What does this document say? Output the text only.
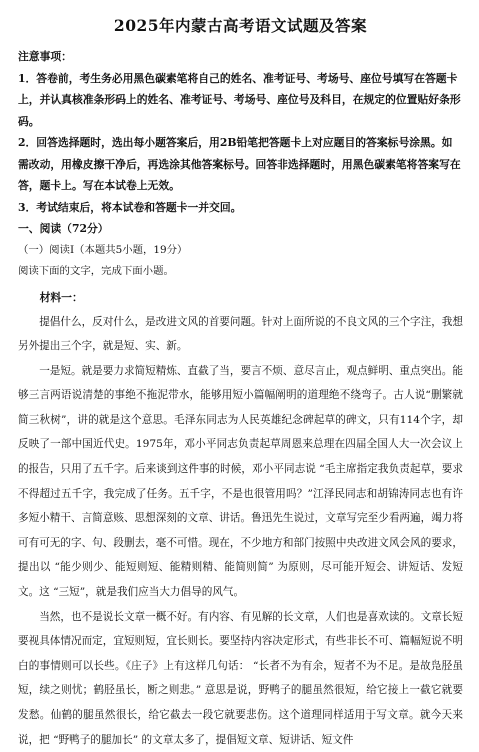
2025年内蒙古高考语文试题及答案
注意事项：
1．答卷前，考生务必用黑色碳素笔将自己的姓名、准考证号、考场号、座位号填写在答题卡上，并认真核准条形码上的姓名、准考证号、考场号、座位号及科目，在规定的位置贴好条形码。
2．回答选择题时，选出每小题答案后，用2B铅笔把答题卡上对应题目的答案标号涂黑。如需改动，用橡皮擦干净后，再选涂其他答案标号。回答非选择题时，用黑色碳素笔将答案写在答，题卡上。写在本试卷上无效。
3．考试结束后，将本试卷和答题卡一并交回。
一、阅读（72分）
（一）阅读Ⅰ（本题共5小题，19分）
阅读下面的文字，完成下面小题。
材料一：

提倡什么，反对什么，是改进文风的首要问题。针对上面所说的不良文风的三个字注，我想另外提出三个字，就是短、实、新。

一是短。就是要力求简短精炼、直截了当，要言不烦、意尽言止，观点鲜明、重点突出。能够三言两语说清楚的事绝不拖泥带水，能够用短小篇幅阐明的道理绝不绕弯子。古人说“删繁就简三秋树”，讲的就是这个意思。毛泽东同志为人民英雄纪念碑起草的碑文，只有114个字，却反映了一部中国近代史。1975年，邓小平同志负责起草周恩来总理在四届全国人大一次会议上的报告，只用了五千字。后来谈到这件事的时候，邓小平同志说 “毛主席指定我负责起草，要求不得超过五千字，我完成了任务。五千字，不是也很管用吗？”江泽民同志和胡锦涛同志也有许多短小精干、言简意赅、思想深刻的文章、讲话。鲁迅先生说过，文章写完至少看两遍，竭力将可有可无的字、句、段删去，毫不可惜。现在，不少地方和部门按照中央改进文风会风的要求，提出以 “能少则少、能短则短、能精则精、能简则简” 为原则，尽可能开短会、讲短话、发短文。这 “三短”，就是我们应当大力倡导的风气。

当然，也不是说长文章一概不好。有内容、有见解的长文章，人们也是喜欢读的。文章长短要视具体情况而定，宜短则短，宜长则长。要坚持内容决定形式，有些非长不可、篇幅短说不明白的事情则可以长些。《庄子》上有这样几句话： “长者不为有余，短者不为不足。是故凫胫虽短，续之则忧；鹤胫虽长，断之则悲。” 意思是说，野鸭子的腿虽然很短，给它接上一截它就要发愁。仙鹤的腿虽然很长，给它截去一段它就要悲伤。这个道理同样适用于写文章。就今天来说，把 “野鸭子的腿加长” 的文章太多了，提倡短文章、短讲话、短文件
